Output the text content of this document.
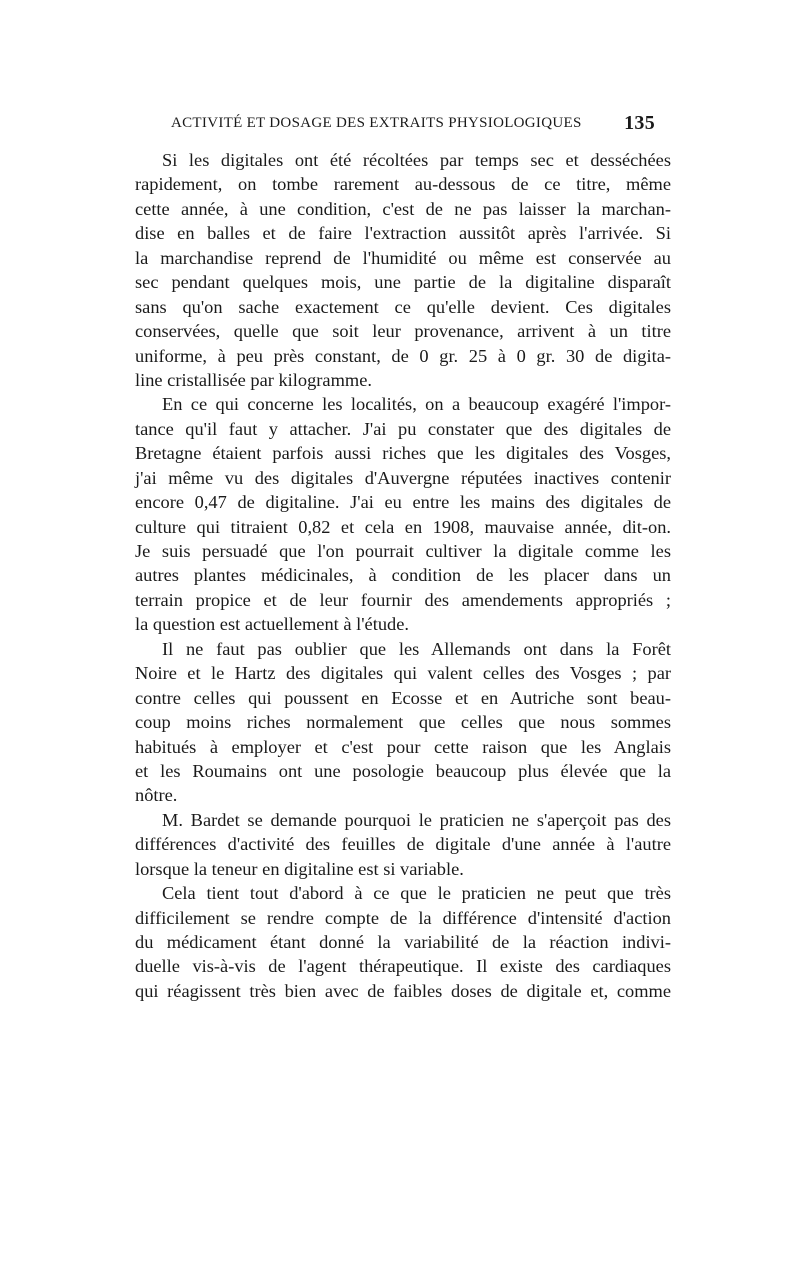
ACTIVITÉ ET DOSAGE DES EXTRAITS PHYSIOLOGIQUES 135
Si les digitales ont été récoltées par temps sec et desséchées
rapidement, on tombe rarement au-dessous de ce titre, même
cette année, à une condition, c'est de ne pas laisser la marchan-
dise en balles et de faire l'extraction aussitôt après l'arrivée. Si
la marchandise reprend de l'humidité ou même est conservée au
sec pendant quelques mois, une partie de la digitaline disparaît
sans qu'on sache exactement ce qu'elle devient. Ces digitales
conservées, quelle que soit leur provenance, arrivent à un titre
uniforme, à peu près constant, de 0 gr. 25 à 0 gr. 30 de digita-
line cristallisée par kilogramme.
En ce qui concerne les localités, on a beaucoup exagéré l'impor-
tance qu'il faut y attacher. J'ai pu constater que des digitales de
Bretagne étaient parfois aussi riches que les digitales des Vosges,
j'ai même vu des digitales d'Auvergne réputées inactives contenir
encore 0,47 de digitaline. J'ai eu entre les mains des digitales de
culture qui titraient 0,82 et cela en 1908, mauvaise année, dit-on.
Je suis persuadé que l'on pourrait cultiver la digitale comme les
autres plantes médicinales, à condition de les placer dans un
terrain propice et de leur fournir des amendements appropriés ;
la question est actuellement à l'étude.
Il ne faut pas oublier que les Allemands ont dans la Forêt
Noire et le Hartz des digitales qui valent celles des Vosges ; par
contre celles qui poussent en Ecosse et en Autriche sont beau-
coup moins riches normalement que celles que nous sommes
habitués à employer et c'est pour cette raison que les Anglais
et les Roumains ont une posologie beaucoup plus élevée que la
nôtre.
M. Bardet se demande pourquoi le praticien ne s'aperçoit pas des
différences d'activité des feuilles de digitale d'une année à l'autre
lorsque la teneur en digitaline est si variable.
Cela tient tout d'abord à ce que le praticien ne peut que très
difficilement se rendre compte de la différence d'intensité d'action
du médicament étant donné la variabilité de la réaction indivi-
duelle vis-à-vis de l'agent thérapeutique. Il existe des cardiaques
qui réagissent très bien avec de faibles doses de digitale et, comme
